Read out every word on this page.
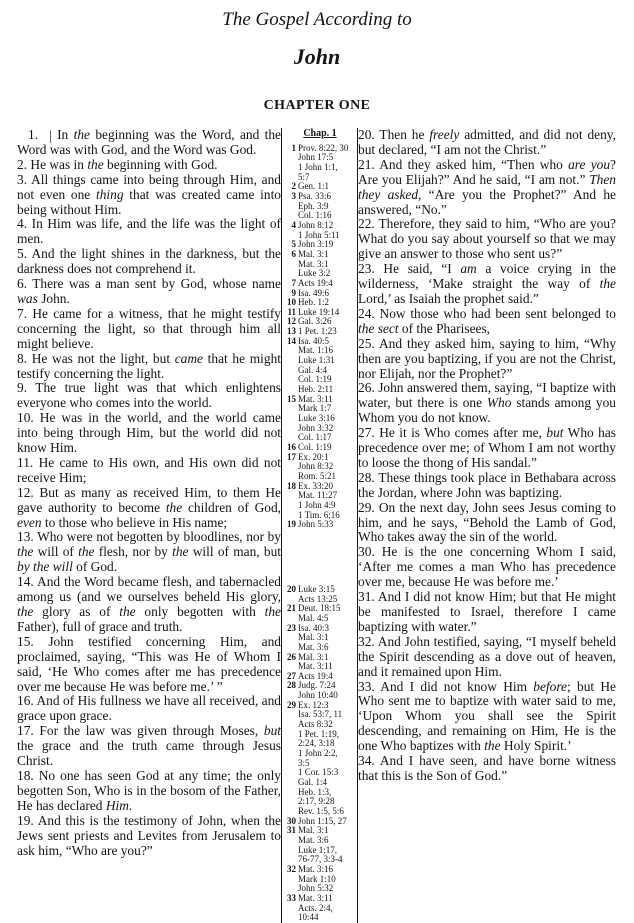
The Gospel According to
John
CHAPTER ONE

1. | In the beginning was the Word, and the Word was with God, and the Word was God.

2. He was in the beginning with God.

3. All things came into being through Him, and not even one thing that was created came into being without Him.

4. In Him was life, and the life was the light of men.

5. And the light shines in the darkness, but the darkness does not comprehend it.

6. There was a man sent by God, whose name was John.

7. He came for a witness, that he might testify concerning the light, so that through him all might believe.

8. He was not the light, but came that he might testify concerning the light.

9. The true light was that which enlightens everyone who comes into the world.

10. He was in the world, and the world came into being through Him, but the world did not know Him.

11. He came to His own, and His own did not receive Him;

12. But as many as received Him, to them He gave authority to become the children of God, even to those who believe in His name;

13. Who were not begotten by bloodlines, nor by the will of the flesh, nor by the will of man, but by the will of God.

14. And the Word became flesh, and tabernacled among us (and we ourselves beheld His glory, the glory as of the only begotten with the Father), full of grace and truth.

15. John testified concerning Him, and proclaimed, saying, “This was He of Whom I said, ‘He Who comes after me has precedence over me because He was before me.’ ”

16. And of His fullness we have all received, and grace upon grace.

17. For the law was given through Moses, but the grace and the truth came through Jesus Christ.

18. No one has seen God at any time; the only begotten Son, Who is in the bosom of the Father, He has declared Him.

19. And this is the testimony of John, when the Jews sent priests and Levites from Jerusalem to ask him, “Who are you?”

Chap. 1
1 Prov. 8:22, 30
John 17:5
1 John 1:1,
5:7
2 Gen. 1:1
3 Psa. 33:6
Eph. 3:9
Col. 1:16
4 John 8:12
1 John 5:11
5 John 3:19
6 Mal. 3:1
Mat. 3:1
Luke 3:2
7 Acts 19:4
9 Isa. 49:6
10 Heb. 1:2
11 Luke 19:14
12 Gal. 3:26
13 1 Pet. 1:23
14 Isa. 40:5
Mat. 1:16
Luke 1:31
Gal. 4:4
Col. 1:19
Heb. 2:11
15 Mat. 3:11
Mark 1:7
Luke 3:16
John 3:32
Col. 1:17
16 Col. 1:19
17 Ex. 20:1
John 8:32
Rom. 5:21
18 Ex. 33:20
Mat. 11:27
1 John 4:9
1 Tim. 6:16
19 John 5:33
20 Luke 3:15
Acts 13:25
21 Deut. 18:15
Mal. 4:5
23 Isa. 40:3
Mal. 3:1
Mat. 3:6
26 Mal. 3:1
Mat. 3:11
27 Acts 19:4
28 Judg. 7:24
John 10:40
29 Ex. 12:3
Isa. 53:7, 11
Acts 8:32
1 Pet. 1:19,
2:24, 3:18
1 John 2:2,
3:5
1 Cor. 15:3
Gal. 1:4
Heb. 1:3,
2:17, 9:28
Rev. 1:5, 5:6
30 John 1:15, 27
31 Mal. 3:1
Mat. 3:6
Luke 1:17,
76-77, 3:3-4
32 Mat. 3:16
Mark 1:10
John 5:32
33 Mat. 3:11
Acts. 2:4,
10:44

20. Then he freely admitted, and did not deny, but declared, “I am not the Christ.”

21. And they asked him, “Then who are you? Are you Elijah?” And he said, “I am not.” Then they asked, “Are you the Prophet?” And he answered, “No.”

22. Therefore, they said to him, “Who are you? What do you say about yourself so that we may give an answer to those who sent us?”

23. He said, “I am a voice crying in the wilderness, ‘Make straight the way of the Lord,’ as Isaiah the prophet said.”

24. Now those who had been sent belonged to the sect of the Pharisees,

25. And they asked him, saying to him, “Why then are you baptizing, if you are not the Christ, nor Elijah, nor the Prophet?”

26. John answered them, saying, “I baptize with water, but there is one Who stands among you Whom you do not know.

27. He it is Who comes after me, but Who has precedence over me; of Whom I am not worthy to loose the thong of His sandal.”

28. These things took place in Bethabara across the Jordan, where John was baptizing.

29. On the next day, John sees Jesus coming to him, and he says, “Behold the Lamb of God, Who takes away the sin of the world.

30. He is the one concerning Whom I said, ‘After me comes a man Who has precedence over me, because He was before me.’

31. And I did not know Him; but that He might be manifested to Israel, therefore I came baptizing with water.”

32. And John testified, saying, “I myself beheld the Spirit descending as a dove out of heaven, and it remained upon Him.

33. And I did not know Him before; but He Who sent me to baptize with water said to me, ‘Upon Whom you shall see the Spirit descending, and remaining on Him, He is the one Who baptizes with the Holy Spirit.’

34. And I have seen, and have borne witness that this is the Son of God.”
